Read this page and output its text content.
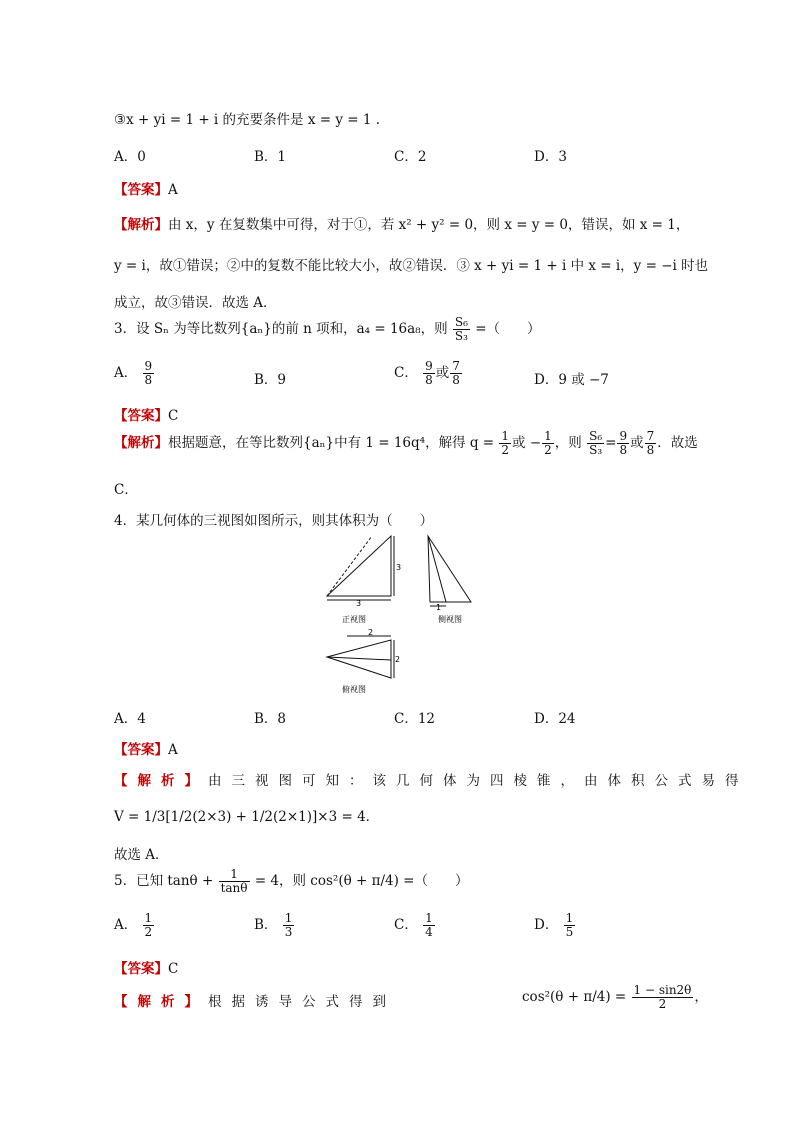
③x + yi = 1 + i 的充要条件是 x = y = 1 .
A．0	B．1	C．2	D．3
【答案】A
【解析】由 x，y 在复数集中可得，对于①，若 x² + y² = 0，则 x = y = 0，错误，如 x = 1，
y = i，故①错误；②中的复数不能比较大小，故②错误．③ x + yi = 1 + i 中 x = i，y = −i 时也
成立，故③错误．故选 A．
3．设 Sₙ 为等比数列{aₙ}的前 n 项和，a₄ = 16a₈，则 $\frac{\text{S₆}}{\text{S₃}}$ =（　　）
A． $\frac{9}{8}$	B．9	C． $\frac{9}{8}$ 或 $\frac{7}{8}$	D．9 或 −7
【答案】C
【解析】根据题意，在等比数列{aₙ}中有 1 = 16q⁴，解得 $q = \frac{1}{2}$ 或 − $\frac{1}{2}$ ，则 $\frac{\text{S₆}}{\text{S₃}} = \frac{9}{8}$ 或 $\frac{7}{8}$ ．故选
C．
4．某几何体的三视图如图所示，则其体积为（　　）
3
3
正视图
1
侧视图
2
2
俯视图
A．4	B．8	C．12	D．24
【答案】A
【解析】由三视图可知：该几何体为四棱锥，由体积公式易得
V = 1/3[1/2(2×3) + 1/2(2×1)]×3 = 4．
故选 A．
5．已知 $\tan\theta + \frac{1}{\tan\theta} = 4$，则 cos²(θ + π/4) =（　　）
A． $\frac{1}{2}$	B． $\frac{1}{3}$	C． $\frac{1}{4}$	D． $\frac{1}{5}$
【答案】C
【解析】根据诱导公式得到	$\cos^2(\theta + \pi/4) = \frac{1 - \sin 2\theta}{2}$ ，
